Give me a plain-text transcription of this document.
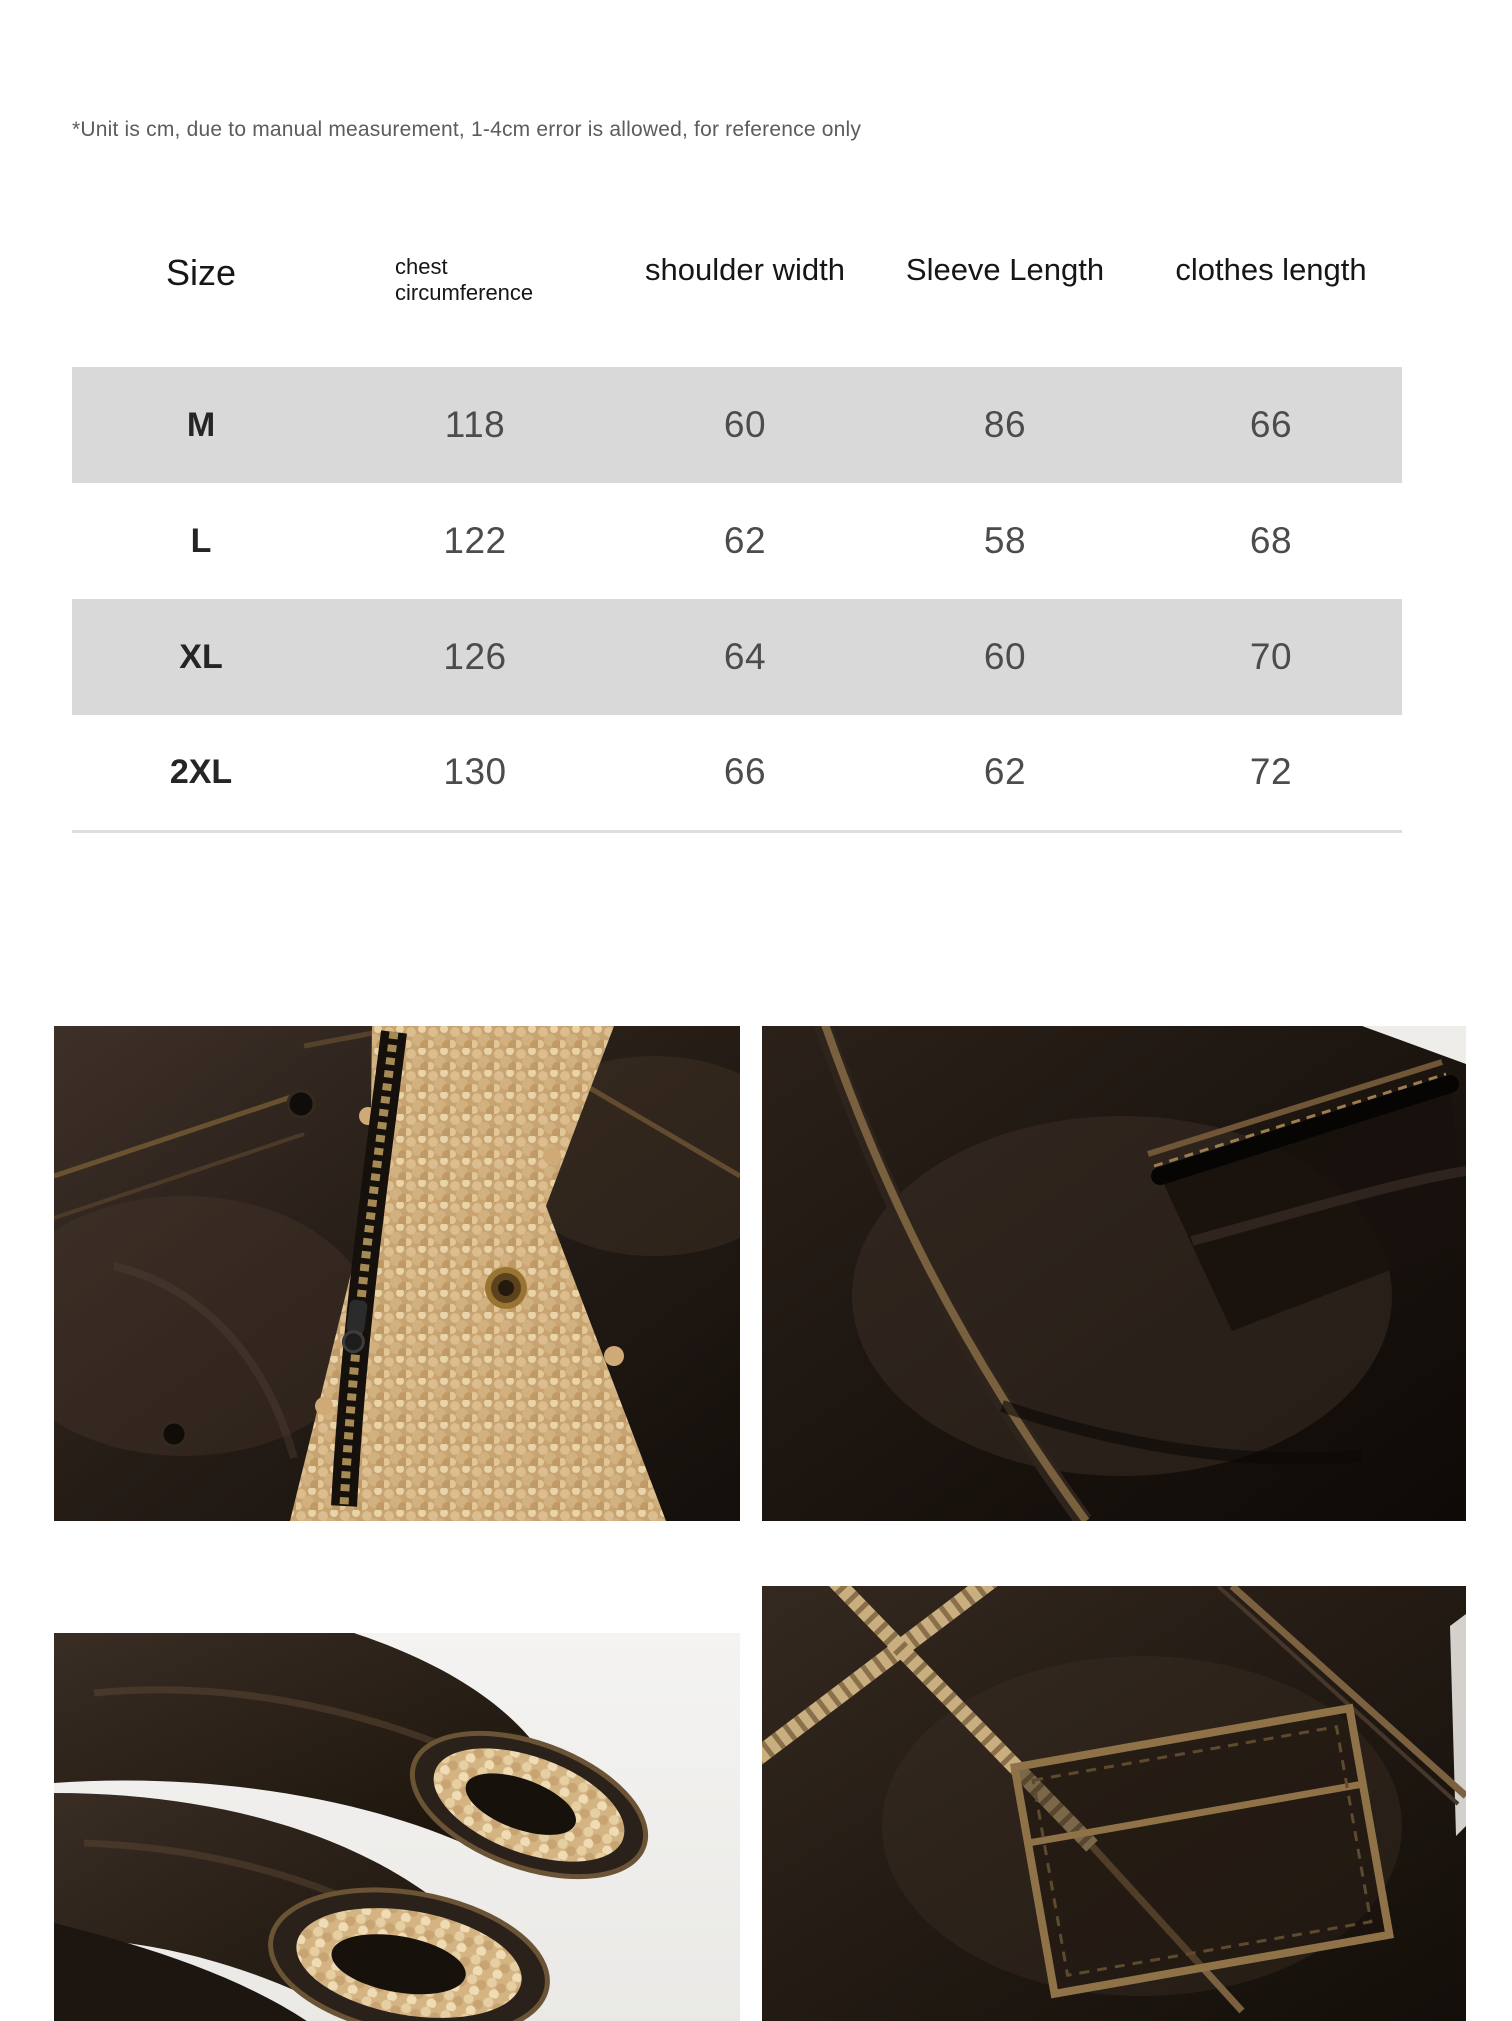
*Unit is cm, due to manual measurement, 1-4cm error is allowed, for reference only
Size	chest circumference	shoulder width	Sleeve Length	clothes length
M	118	60	86	66
L	122	62	58	68
XL	126	64	60	70
2XL	130	66	62	72
